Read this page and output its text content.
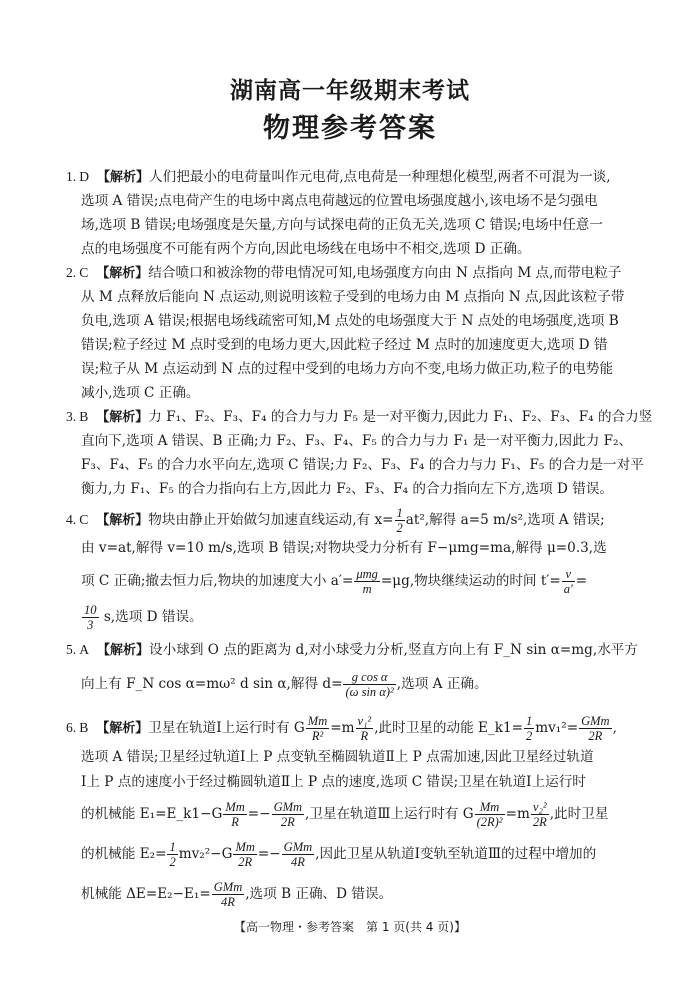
湖南高一年级期末考试
物理参考答案
1. D 【解析】人们把最小的电荷量叫作元电荷,点电荷是一种理想化模型,两者不可混为一谈,
选项 A 错误;点电荷产生的电场中离点电荷越远的位置电场强度越小,该电场不是匀强电
场,选项 B 错误;电场强度是矢量,方向与试探电荷的正负无关,选项 C 错误;电场中任意一
点的电场强度不可能有两个方向,因此电场线在电场中不相交,选项 D 正确。
2. C 【解析】结合喷口和被涂物的带电情况可知,电场强度方向由 N 点指向 M 点,而带电粒子
从 M 点释放后能向 N 点运动,则说明该粒子受到的电场力由 M 点指向 N 点,因此该粒子带
负电,选项 A 错误;根据电场线疏密可知,M 点处的电场强度大于 N 点处的电场强度,选项 B
错误;粒子经过 M 点时受到的电场力更大,因此粒子经过 M 点时的加速度更大,选项 D 错
误;粒子从 M 点运动到 N 点的过程中受到的电场力方向不变,电场力做正功,粒子的电势能
减小,选项 C 正确。
3. B 【解析】力 F₁、F₂、F₃、F₄ 的合力与力 F₅ 是一对平衡力,因此力 F₁、F₂、F₃、F₄ 的合力竖
直向下,选项 A 错误、B 正确;力 F₂、F₃、F₄、F₅ 的合力与力 F₁ 是一对平衡力,因此力 F₂、
F₃、F₄、F₅ 的合力水平向左,选项 C 错误;力 F₂、F₃、F₄ 的合力与力 F₁、F₅ 的合力是一对平
衡力,力 F₁、F₅ 的合力指向右上方,因此力 F₂、F₃、F₄ 的合力指向左下方,选项 D 错误。
4. C 【解析】物块由静止开始做匀加速直线运动,有 $x= \frac{1}{2} at^2$,解得 a=5 m/s²,选项 A 错误;
由 v=at,解得 v=10 m/s,选项 B 错误;对物块受力分析有 F−μmg=ma,解得 μ=0.3,选
项 C 正确;撤去恒力后,物块的加速度大小 a′= μmg
m =μg,物块继续运动的时间 $t'= \frac{v}{a'}$ =
$\frac{10}{3} s$,选项 D 错误。
5. A 【解析】设小球到 O 点的距离为 d,对小球受力分析,竖直方向上有 F_N sin α=mg,水平方
向上有 F_N cos α=mω² d sin α,解得 $d= \frac{\text{g cos α}}{\text{(ω sin α)²}}$ ,选项 A 正确。
6. B 【解析】卫星在轨道Ⅰ上运行时有 G $\frac{Mm}{\text{R²}} =m \frac{\text{v₁²}}{R}$ ,此时卫星的动能 E_k1= $\frac{1}{2} mv_1^2=$ GMm
2R ,
选项 A 错误;卫星经过轨道Ⅰ上 P 点变轨至椭圆轨道Ⅱ上 P 点需加速,因此卫星经过轨道
Ⅰ上 P 点的速度小于经过椭圆轨道Ⅱ上 P 点的速度,选项 C 错误;卫星在轨道Ⅰ上运行时
的机械能 E₁=E_k1−G $\frac{Mm}{R}$ =− GMm
2R ,卫星在轨道Ⅲ上运行时有 G $\frac{Mm}{\text{(2R)²}} =m \frac{\text{v₂²}}{2R}$ ,此时卫星
的机械能 $E_2= \frac{1}{2} mv_2^2-G \frac{Mm}{2R}$ =− GMm
4R ,因此卫星从轨道Ⅰ变轨至轨道Ⅲ的过程中增加的
机械能 ΔE=E₂−E₁= GMm
4R ,选项 B 正确、D 错误。
【高一物理・参考答案　第 1 页(共 4 页)】
